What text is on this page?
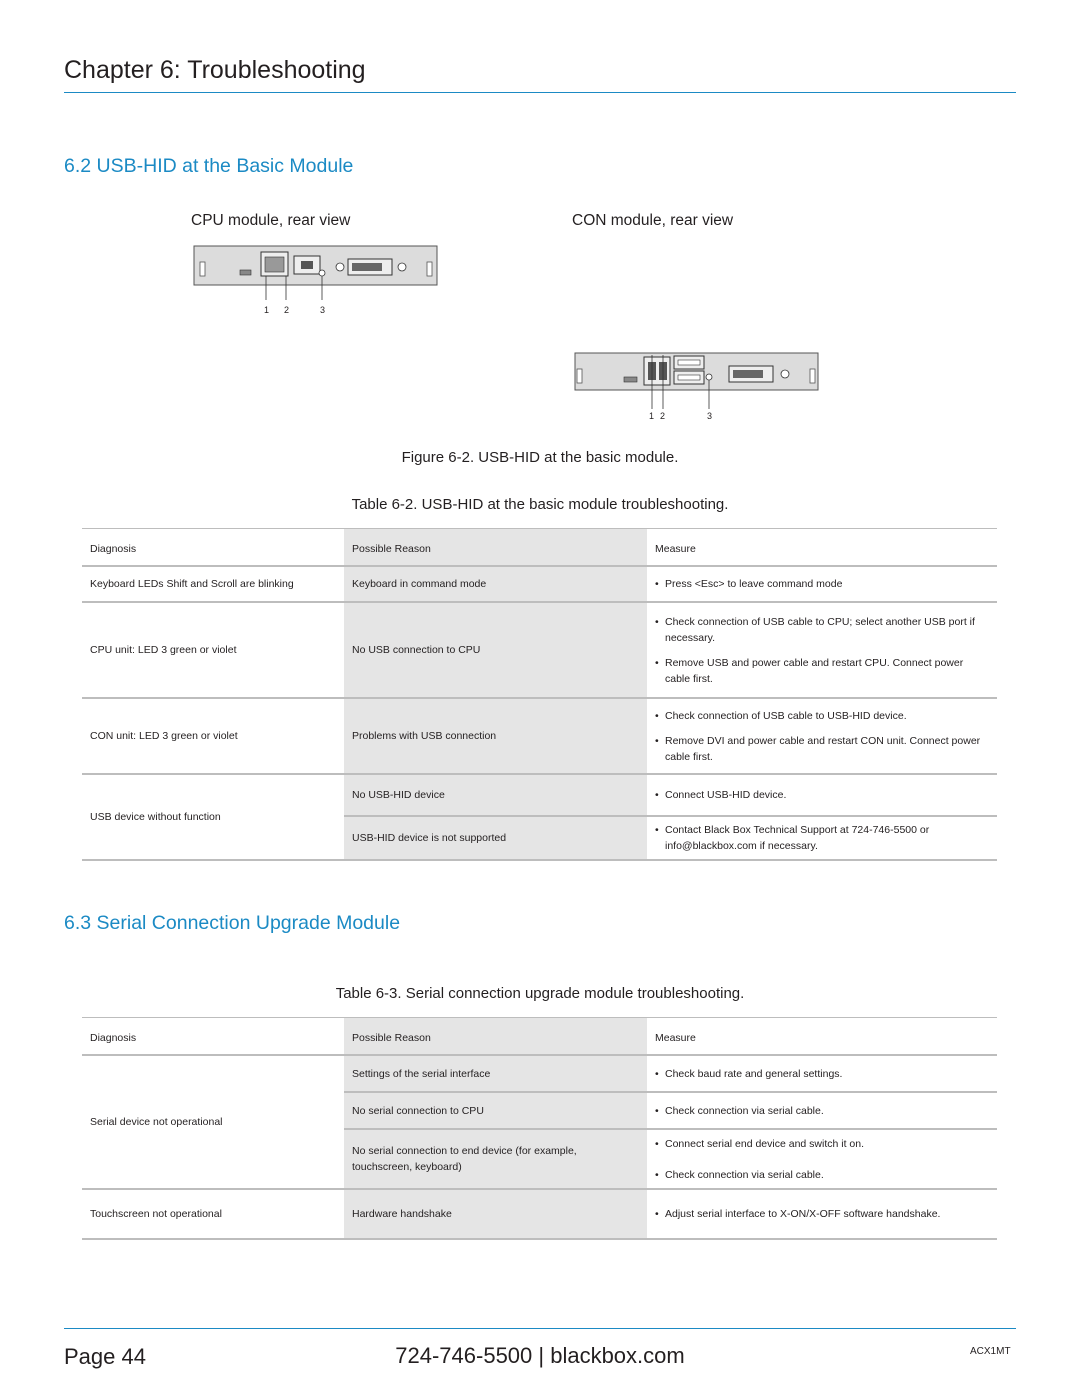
Chapter 6: Troubleshooting
6.2 USB-HID at the Basic Module
CPU module, rear view	CON module, rear view
1 2	3
1 2	3
Figure 6-2. USB-HID at the basic module.
Table 6-2. USB-HID at the basic module troubleshooting.
Diagnosis	Possible Reason	Measure
Keyboard LEDs Shift and Scroll are blinking	Keyboard in command mode	• Press <Esc> to leave command mode

CPU unit: LED 3 green or violet	No USB connection to CPU	• Check connection of USB cable to CPU; select another USB port if necessary.
• Remove USB and power cable and restart CPU. Connect power cable first.

CON unit: LED 3 green or violet	Problems with USB connection	• Check connection of USB cable to USB-HID device.
• Remove DVI and power cable and restart CON unit. Connect power cable first.

USB device without function	No USB-HID device	• Connect USB-HID device.

	USB-HID device is not supported	• Contact Black Box Technical Support at 724-746-5500 or info@blackbox.com if necessary.
6.3 Serial Connection Upgrade Module
Table 6-3. Serial connection upgrade module troubleshooting.
Diagnosis	Possible Reason	Measure
Serial device not operational	Settings of the serial interface	• Check baud rate and general settings.

	No serial connection to CPU	• Check connection via serial cable.

	No serial connection to end device (for example, touchscreen, keyboard)	• Connect serial end device and switch it on.
• Check connection via serial cable.

Touchscreen not operational	Hardware handshake	• Adjust serial interface to X-ON/X-OFF software handshake.
Page 44	724-746-5500 | blackbox.com	ACX1MT
